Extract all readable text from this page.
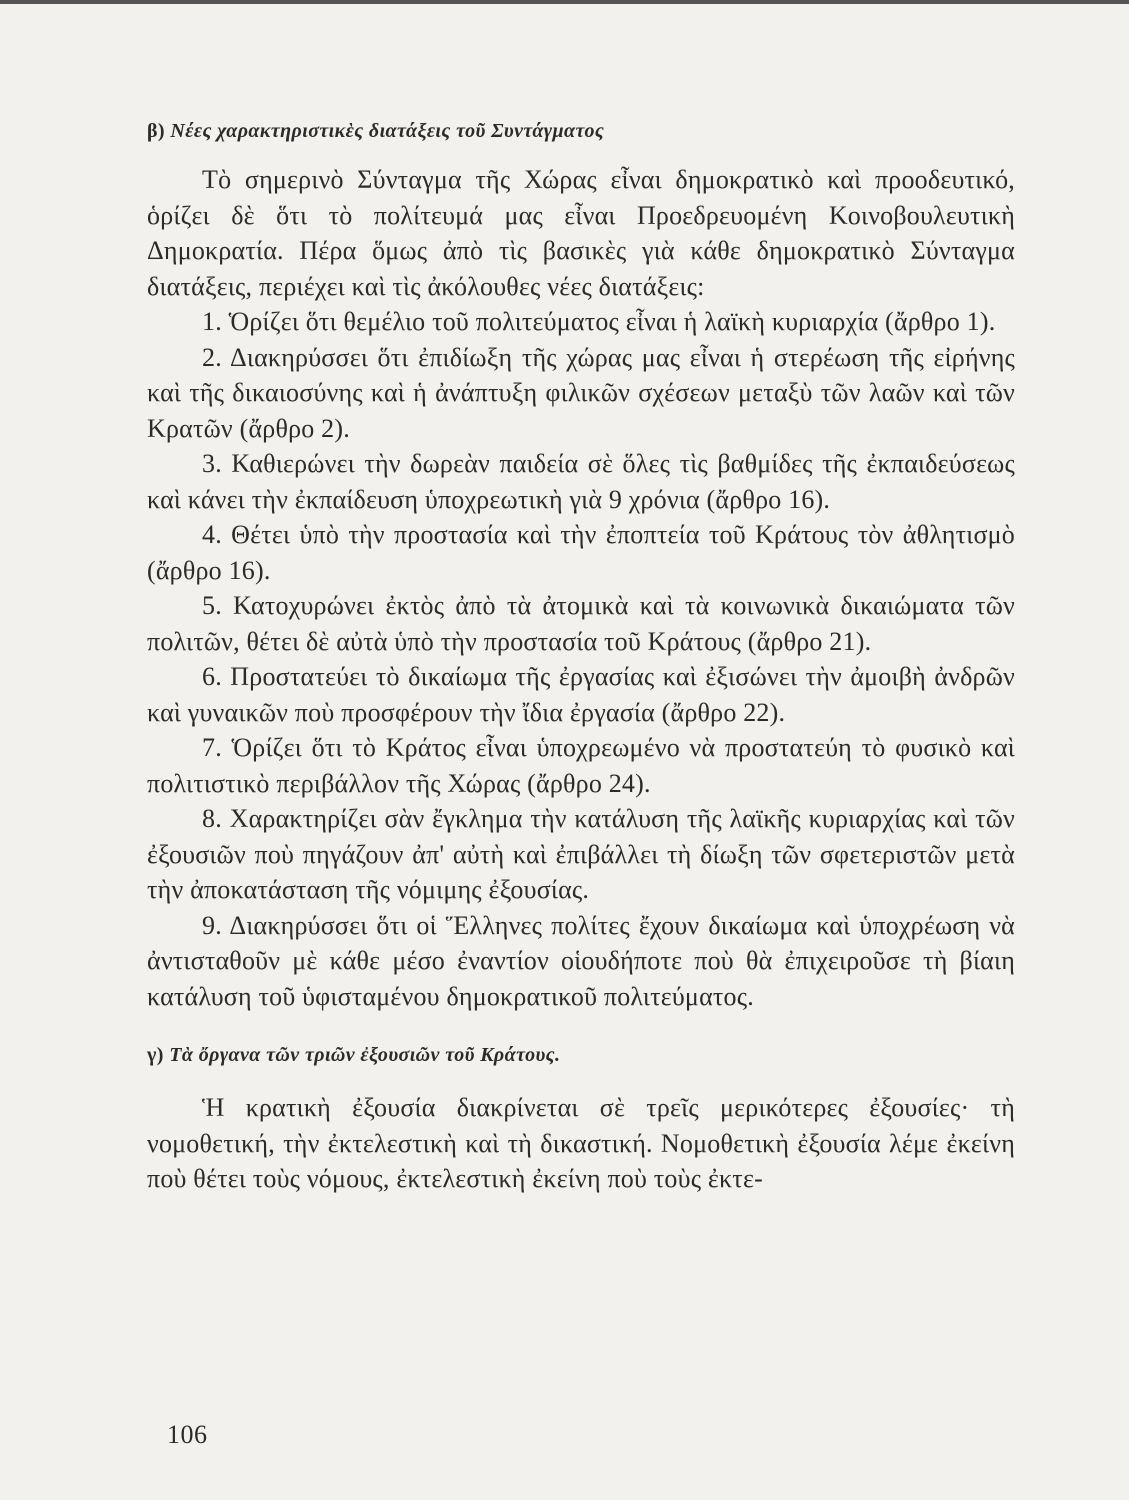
β) Νέες χαρακτηριστικὲς διατάξεις τοῦ Συντάγματος

Τὸ σημερινὸ Σύνταγμα τῆς Χώρας εἶναι δημοκρατικὸ καὶ προοδευτικό, ὁρίζει δὲ ὅτι τὸ πολίτευμά μας εἶναι Προεδρευομένη Κοινοβουλευτικὴ Δημοκρατία. Πέρα ὅμως ἀπὸ τὶς βασικὲς γιὰ κάθε δημοκρατικὸ Σύνταγμα διατάξεις, περιέχει καὶ τὶς ἀκόλουθες νέες διατάξεις:

1. Ὁρίζει ὅτι θεμέλιο τοῦ πολιτεύματος εἶναι ἡ λαϊκὴ κυριαρχία (ἄρθρο 1).

2. Διακηρύσσει ὅτι ἐπιδίωξη τῆς χώρας μας εἶναι ἡ στερέωση τῆς εἰρήνης καὶ τῆς δικαιοσύνης καὶ ἡ ἀνάπτυξη φιλικῶν σχέσεων μεταξὺ τῶν λαῶν καὶ τῶν Κρατῶν (ἄρθρο 2).

3. Καθιερώνει τὴν δωρεὰν παιδεία σὲ ὅλες τὶς βαθμίδες τῆς ἐκπαιδεύσεως καὶ κάνει τὴν ἐκπαίδευση ὑποχρεωτικὴ γιὰ 9 χρόνια (ἄρθρο 16).

4. Θέτει ὑπὸ τὴν προστασία καὶ τὴν ἐποπτεία τοῦ Κράτους τὸν ἀθλητισμὸ (ἄρθρο 16).

5. Κατοχυρώνει ἐκτὸς ἀπὸ τὰ ἀτομικὰ καὶ τὰ κοινωνικὰ δικαιώματα τῶν πολιτῶν, θέτει δὲ αὐτὰ ὑπὸ τὴν προστασία τοῦ Κράτους (ἄρθρο 21).

6. Προστατεύει τὸ δικαίωμα τῆς ἐργασίας καὶ ἐξισώνει τὴν ἀμοιβὴ ἀνδρῶν καὶ γυναικῶν ποὺ προσφέρουν τὴν ἴδια ἐργασία (ἄρθρο 22).

7. Ὁρίζει ὅτι τὸ Κράτος εἶναι ὑποχρεωμένο νὰ προστατεύη τὸ φυσικὸ καὶ πολιτιστικὸ περιβάλλον τῆς Χώρας (ἄρθρο 24).

8. Χαρακτηρίζει σὰν ἔγκλημα τὴν κατάλυση τῆς λαϊκῆς κυριαρχίας καὶ τῶν ἐξουσιῶν ποὺ πηγάζουν ἀπ' αὐτὴ καὶ ἐπιβάλλει τὴ δίωξη τῶν σφετεριστῶν μετὰ τὴν ἀποκατάσταση τῆς νόμιμης ἐξουσίας.

9. Διακηρύσσει ὅτι οἱ Ἕλληνες πολίτες ἔχουν δικαίωμα καὶ ὑποχρέωση νὰ ἀντισταθοῦν μὲ κάθε μέσο ἐναντίον οἱουδήποτε ποὺ θὰ ἐπιχειροῦσε τὴ βίαιη κατάλυση τοῦ ὑφισταμένου δημοκρατικοῦ πολιτεύματος.

γ) Τὰ ὄργανα τῶν τριῶν ἐξουσιῶν τοῦ Κράτους.

Ἡ κρατικὴ ἐξουσία διακρίνεται σὲ τρεῖς μερικότερες ἐξουσίες· τὴ νομοθετική, τὴν ἐκτελεστικὴ καὶ τὴ δικαστική. Νομοθετικὴ ἐξουσία λέμε ἐκείνη ποὺ θέτει τοὺς νόμους, ἐκτελεστικὴ ἐκείνη ποὺ τοὺς ἐκτε-

106
